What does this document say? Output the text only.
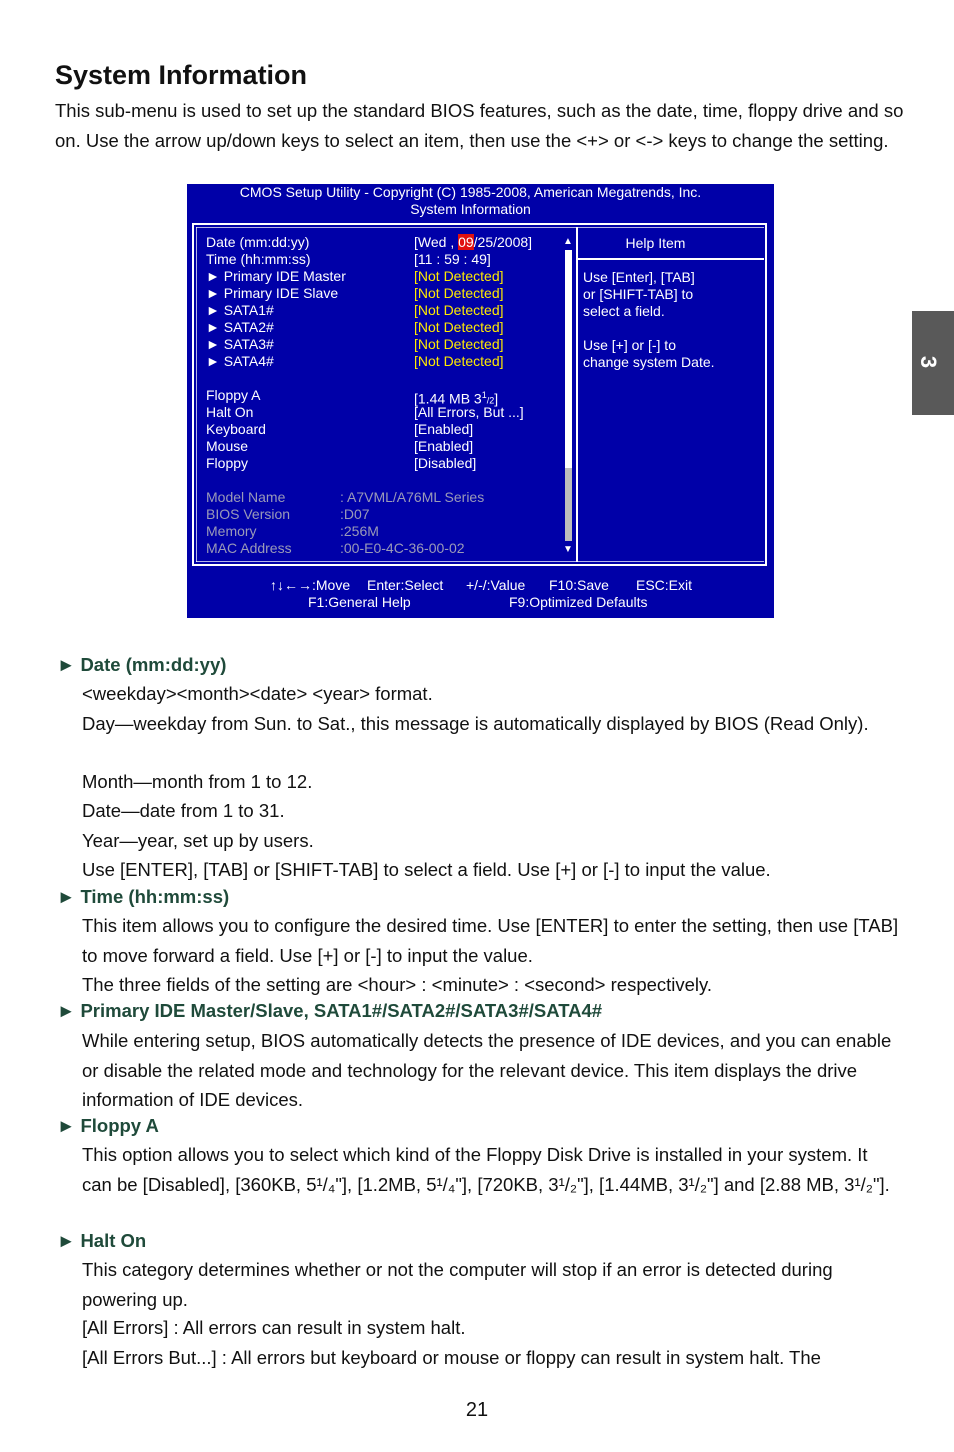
System Information

This sub-menu is used to set up the standard BIOS features, such as the date, time, floppy drive and so on. Use the arrow up/down keys to select an item, then use the <+> or <-> keys to change the setting.

3
CMOS Setup Utility - Copyright (C) 1985-2008, American Megatrends, Inc.
System Information
Date (mm:dd:yy)	[Wed , 09/25/2008]
Time (hh:mm:ss)	[11 : 59 : 49]
► Primary IDE Master	[Not Detected]
► Primary IDE Slave	[Not Detected]
► SATA1#	[Not Detected]
► SATA2#	[Not Detected]
► SATA3#	[Not Detected]
► SATA4#	[Not Detected]
Floppy A	[1.44 MB $3^1/2$]
Halt On	[All Errors, But ...]
Keyboard	[Enabled]
Mouse	[Enabled]
Floppy	[Disabled]
Model Name	: A7VML/A76ML Series
BIOS Version	:D07
Memory	:256M
MAC Address	:00-E0-4C-36-00-02
▲
▼
Help Item
Use [Enter], [TAB]
or [SHIFT-TAB] to
select a field.
Use [+] or [-] to
change system Date.
↑↓←→:Move Enter:Select +/-/:Value F10:Save ESC:Exit
F1:General Help	F9:Optimized Defaults
► Date (mm:dd:yy)

<weekday><month><date> <year> format.

Day—weekday from Sun. to Sat., this message is automatically displayed by BIOS (Read Only).

Month—month from 1 to 12.

Date—date from 1 to 31.

Year—year, set up by users.

Use [ENTER], [TAB] or [SHIFT-TAB] to select a field. Use [+] or [-] to input the value.

► Time (hh:mm:ss)

This item allows you to configure the desired time. Use [ENTER] to enter the setting, then use [TAB] to move forward a field. Use [+] or [-] to input the value.

The three fields of the setting are <hour> : <minute> : <second> respectively.

► Primary IDE Master/Slave, SATA1#/SATA2#/SATA3#/SATA4#

While entering setup, BIOS automatically detects the presence of IDE devices, and you can enable or disable the related mode and technology for the relevant device. This item displays the drive information of IDE devices.

► Floppy A

This option allows you to select which kind of the Floppy Disk Drive is installed in your system. It can be [Disabled], [360KB, 5¹/₄"], [1.2MB, 5¹/₄"], [720KB, 3¹/₂"], [1.44MB, 3¹/₂"] and [2.88 MB, 3¹/₂"].

► Halt On

This category determines whether or not the computer will stop if an error is detected during powering up.

[All Errors] : All errors can result in system halt.

[All Errors But...] : All errors but keyboard or mouse or floppy can result in system halt. The

21
